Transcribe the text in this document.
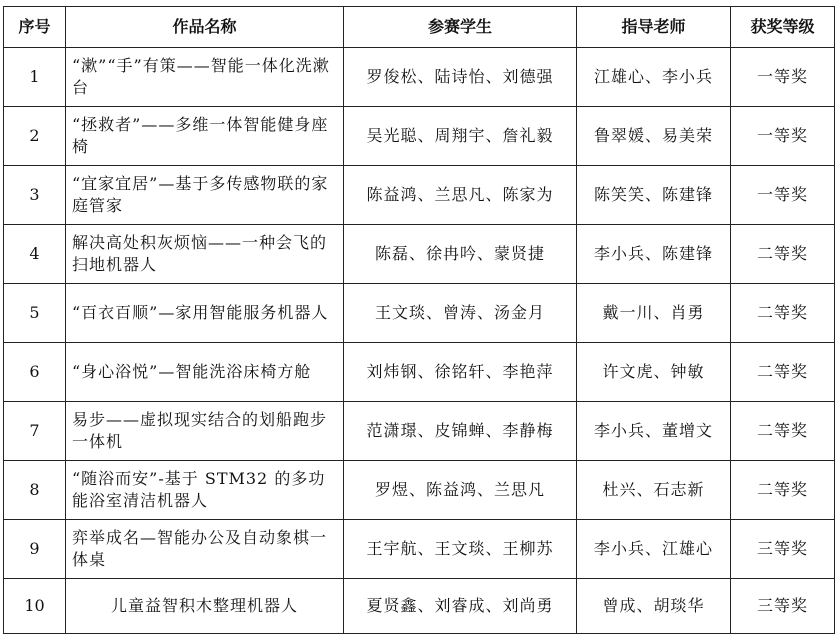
序号	作品名称	参赛学生	指导老师	获奖等级
1	“漱”“手”有策——智能一体化洗漱台	罗俊松、陆诗怡、刘德强	江雄心、李小兵	一等奖
2	“拯救者”——多维一体智能健身座椅	吴光聪、周翔宇、詹礼毅	鲁翠媛、易美荣	一等奖
3	“宜家宜居”—基于多传感物联的家庭管家	陈益鸿、兰思凡、陈家为	陈笑笑、陈建锋	一等奖
4	解决高处积灰烦恼——一种会飞的扫地机器人	陈磊、徐冉吟、蒙贤捷	李小兵、陈建锋	二等奖
5	“百衣百顺”—家用智能服务机器人	王文琰、曾涛、汤金月	戴一川、肖勇	二等奖
6	“身心浴悦”—智能洗浴床椅方舱	刘炜钢、徐铭轩、李艳萍	许文虎、钟敏	二等奖
7	易步——虚拟现实结合的划船跑步一体机	范潇璟、皮锦蝉、李静梅	李小兵、董增文	二等奖
8	“随浴而安”-基于 STM32 的多功能浴室清洁机器人	罗煜、陈益鸿、兰思凡	杜兴、石志新	二等奖
9	弈举成名—智能办公及自动象棋一体桌	王宇航、王文琰、王柳苏	李小兵、江雄心	三等奖
10	儿童益智积木整理机器人	夏贤鑫、刘睿成、刘尚勇	曾成、胡琰华	三等奖
